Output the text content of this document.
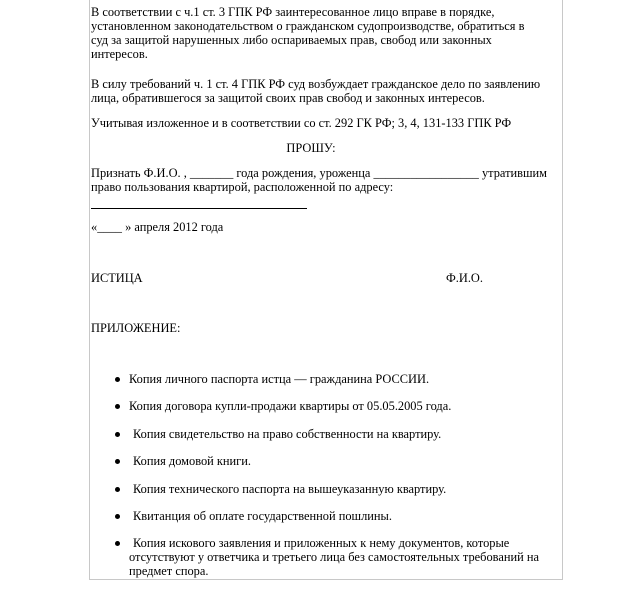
В соответствии с ч.1 ст. 3 ГПК РФ заинтересованное лицо вправе в порядке,
установленном законодательством о гражданском судопроизводстве, обратиться в
суд за защитой нарушенных либо оспариваемых прав, свобод или законных
интересов.
В силу требований ч. 1 ст. 4 ГПК РФ суд возбуждает гражданское дело по заявлению
лица, обратившегося за защитой своих прав свобод и законных интересов.
Учитывая изложенное и в соответствии со ст. 292 ГК РФ; 3, 4, 131-133 ГПК РФ
ПРОШУ:
Признать Ф.И.О. , _______ года рождения, уроженца _________________ утратившим
право пользования квартирой, расположенной по адресу:
«____ » апреля 2012 года
ИСТИЦА	Ф.И.О.
ПРИЛОЖЕНИЕ:
Копия личного паспорта истца — гражданина РОССИИ.
Копия договора купли-продажи квартиры от 05.05.2005 года.
Копия свидетельство на право собственности на квартиру.
Копия домовой книги.
Копия технического паспорта на вышеуказанную квартиру.
Квитанция об оплате государственной пошлины.
Копия искового заявления и приложенных к нему документов, которые
отсутствуют у ответчика и третьего лица без самостоятельных требований на
предмет спора.
